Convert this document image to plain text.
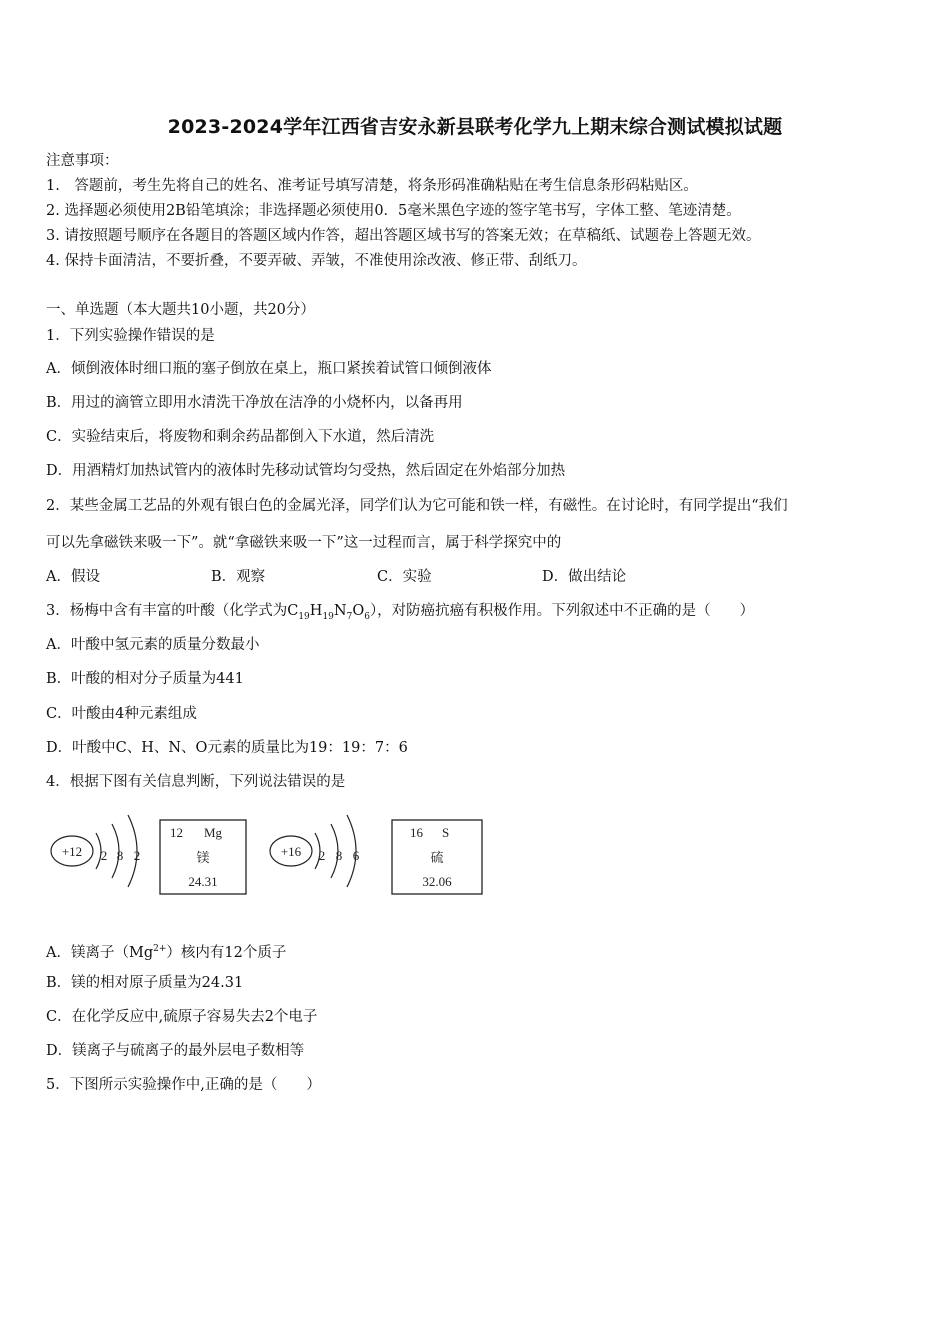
2023-2024学年江西省吉安永新县联考化学九上期末综合测试模拟试题
注意事项：
1.　答题前，考生先将自己的姓名、准考证号填写清楚，将条形码准确粘贴在考生信息条形码粘贴区。
2. 选择题必须使用2B铅笔填涂；非选择题必须使用0．5毫米黑色字迹的签字笔书写，字体工整、笔迹清楚。
3. 请按照题号顺序在各题目的答题区域内作答，超出答题区域书写的答案无效；在草稿纸、试题卷上答题无效。
4. 保持卡面清洁，不要折叠，不要弄破、弄皱，不准使用涂改液、修正带、刮纸刀。
一、单选题（本大题共10小题，共20分）
1．下列实验操作错误的是
A．倾倒液体时细口瓶的塞子倒放在桌上，瓶口紧挨着试管口倾倒液体
B．用过的滴管立即用水清洗干净放在洁净的小烧杯内，以备再用
C．实验结束后，将废物和剩余药品都倒入下水道，然后清洗
D．用酒精灯加热试管内的液体时先移动试管均匀受热，然后固定在外焰部分加热
2．某些金属工艺品的外观有银白色的金属光泽，同学们认为它可能和铁一样，有磁性。在讨论时，有同学提出“我们
可以先拿磁铁来吸一下”。就“拿磁铁来吸一下”这一过程而言，属于科学探究中的
A．假设	B．观察	C．实验	D．做出结论
3．杨梅中含有丰富的叶酸（化学式为$C_{19}H_{19}N_7O_6$），对防癌抗癌有积极作用。下列叙述中不正确的是（　　）
A．叶酸中氢元素的质量分数最小
B．叶酸的相对分子质量为441
C．叶酸由4种元素组成
D．叶酸中C、H、N、O元素的质量比为19：19：7：6
4．根据下图有关信息判断，下列说法错误的是
+12 2 8 2
12 Mg
镁
24.31
+16 2 8 6
16 S
硫
32.06
A．镁离子$(Mg^{2+})$核内有12个质子
B．镁的相对原子质量为24.31
C．在化学反应中,硫原子容易失去2个电子
D．镁离子与硫离子的最外层电子数相等
5．下图所示实验操作中,正确的是（　　）
